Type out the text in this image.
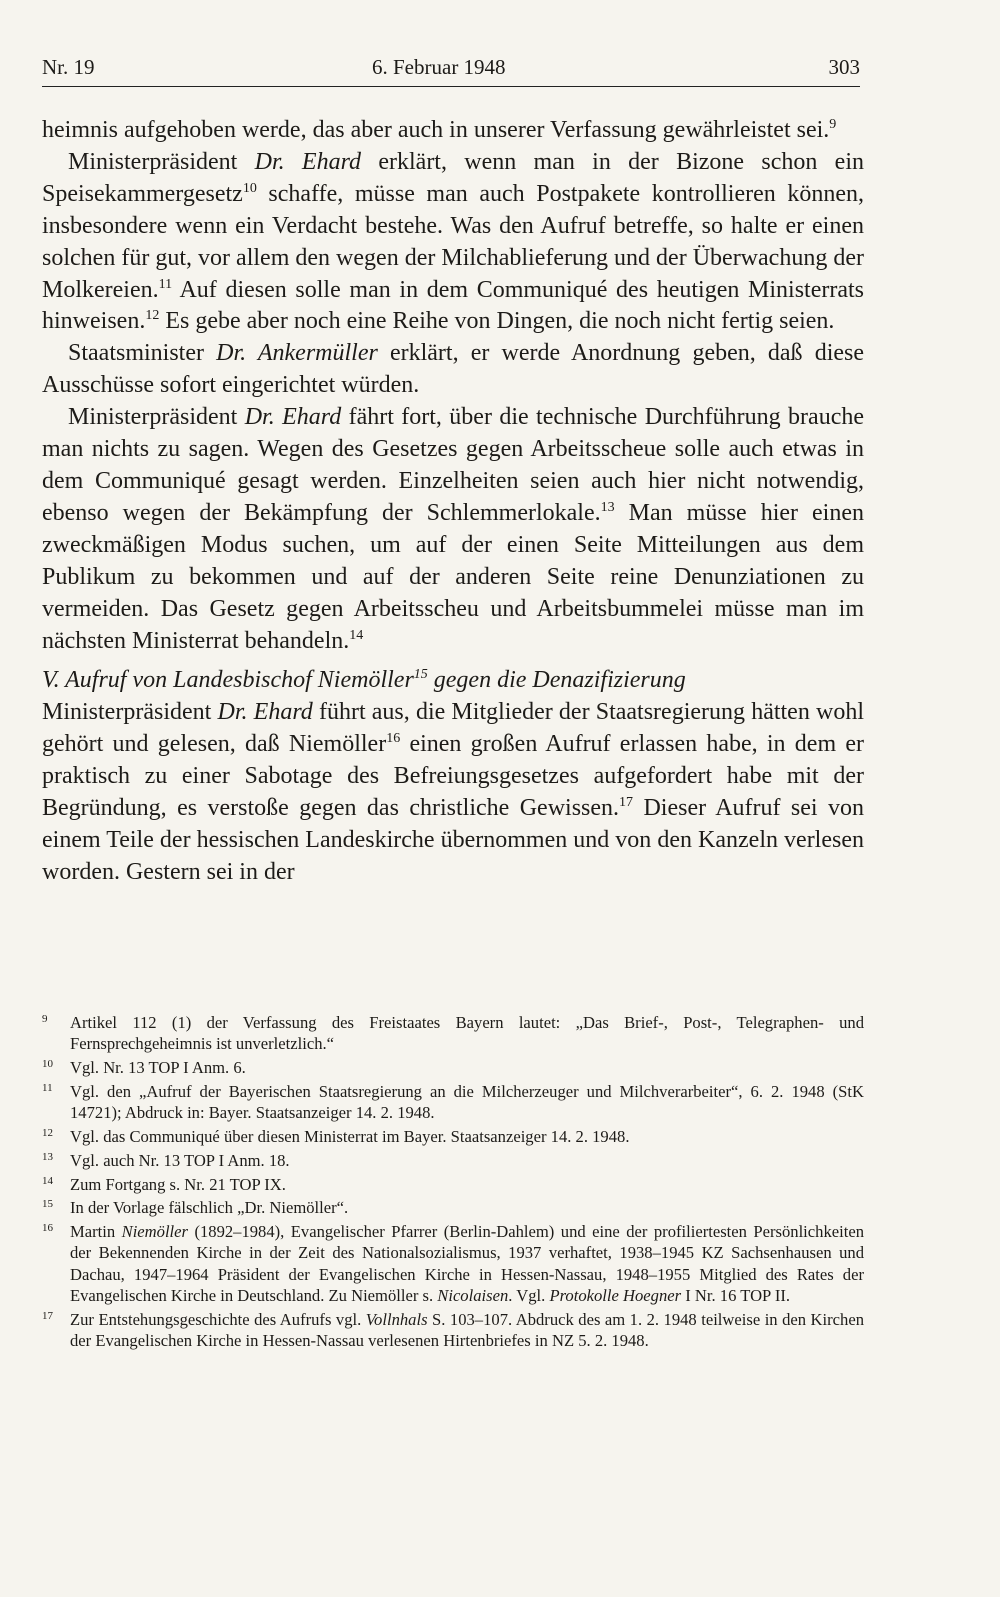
Nr. 19	6. Februar 1948	303

heimnis aufgehoben werde, das aber auch in unserer Verfassung gewährleistet sei.$^9$

Ministerpräsident Dr. Ehard erklärt, wenn man in der Bizone schon ein Speisekammergesetz$^{10}$ schaffe, müsse man auch Postpakete kontrollieren können, insbesondere wenn ein Verdacht bestehe. Was den Aufruf betreffe, so halte er einen solchen für gut, vor allem den wegen der Milchablieferung und der Überwachung der Molkereien.$^{11}$ Auf diesen solle man in dem Communiqué des heutigen Ministerrats hinweisen.$^{12}$ Es gebe aber noch eine Reihe von Dingen, die noch nicht fertig seien.

Staatsminister Dr. Ankermüller erklärt, er werde Anordnung geben, daß diese Ausschüsse sofort eingerichtet würden.

Ministerpräsident Dr. Ehard fährt fort, über die technische Durchführung brauche man nichts zu sagen. Wegen des Gesetzes gegen Arbeitsscheue solle auch etwas in dem Communiqué gesagt werden. Einzelheiten seien auch hier nicht notwendig, ebenso wegen der Bekämpfung der Schlemmerlokale.$^{13}$ Man müsse hier einen zweckmäßigen Modus suchen, um auf der einen Seite Mitteilungen aus dem Publikum zu bekommen und auf der anderen Seite reine Denunziationen zu vermeiden. Das Gesetz gegen Arbeitsscheu und Arbeitsbummelei müsse man im nächsten Ministerrat behandeln.$^{14}$

V. Aufruf von Landesbischof Niemöller$^{15}$ gegen die Denazifizierung

Ministerpräsident Dr. Ehard führt aus, die Mitglieder der Staatsregierung hätten wohl gehört und gelesen, daß Niemöller$^{16}$ einen großen Aufruf erlassen habe, in dem er praktisch zu einer Sabotage des Befreiungsgesetzes aufgefordert habe mit der Begründung, es verstoße gegen das christliche Gewissen.$^{17}$ Dieser Aufruf sei von einem Teile der hessischen Landeskirche übernommen und von den Kanzeln verlesen worden. Gestern sei in der

9	Artikel 112 (1) der Verfassung des Freistaates Bayern lautet: „Das Brief-, Post-, Telegraphen- und Fernsprechgeheimnis ist unverletzlich.“
10	Vgl. Nr. 13 TOP I Anm. 6.
11	Vgl. den „Aufruf der Bayerischen Staatsregierung an die Milcherzeuger und Milchverarbeiter“, 6. 2. 1948 (StK 14721); Abdruck in: Bayer. Staatsanzeiger 14. 2. 1948.
12	Vgl. das Communiqué über diesen Ministerrat im Bayer. Staatsanzeiger 14. 2. 1948.
13	Vgl. auch Nr. 13 TOP I Anm. 18.
14	Zum Fortgang s. Nr. 21 TOP IX.
15	In der Vorlage fälschlich „Dr. Niemöller“.
16	Martin Niemöller (1892–1984), Evangelischer Pfarrer (Berlin-Dahlem) und eine der profiliertesten Persönlichkeiten der Bekennenden Kirche in der Zeit des Nationalsozialismus, 1937 verhaftet, 1938–1945 KZ Sachsenhausen und Dachau, 1947–1964 Präsident der Evangelischen Kirche in Hessen-Nassau, 1948–1955 Mitglied des Rates der Evangelischen Kirche in Deutschland. Zu Niemöller s. Nicolaisen. Vgl. Protokolle Hoegner I Nr. 16 TOP II.
17	Zur Entstehungsgeschichte des Aufrufs vgl. Vollnhals S. 103–107. Abdruck des am 1. 2. 1948 teilweise in den Kirchen der Evangelischen Kirche in Hessen-Nassau verlesenen Hirtenbriefes in NZ 5. 2. 1948.
